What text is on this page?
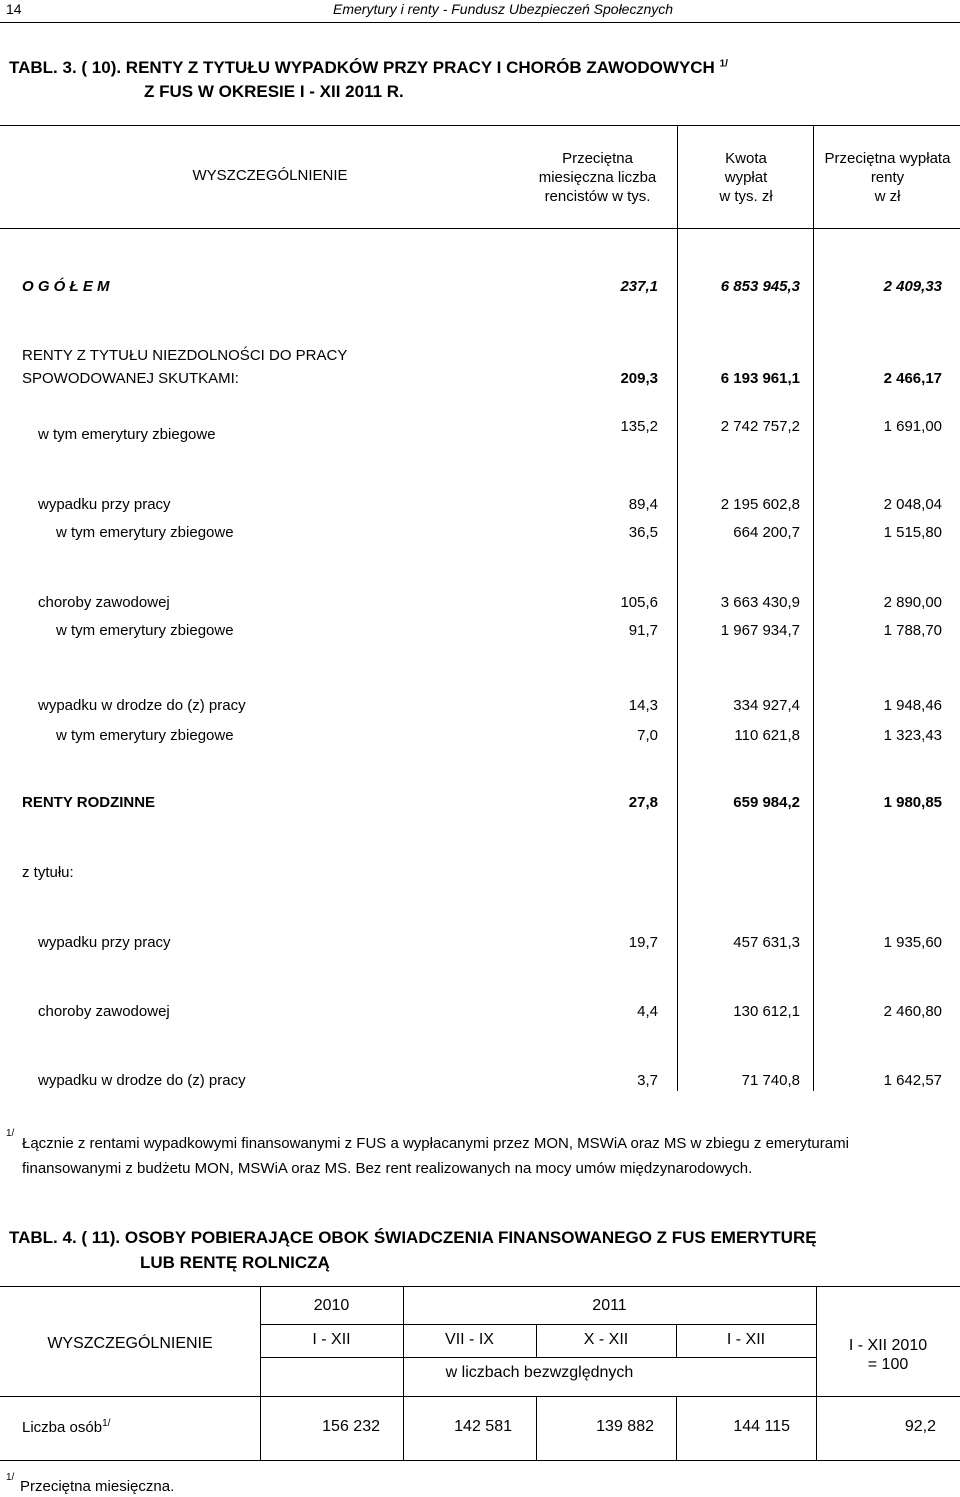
14	Emerytury i renty - Fundusz Ubezpieczeń Społecznych
TABL. 3. ( 10). RENTY Z TYTUŁU WYPADKÓW PRZY PRACY I CHORÓB ZAWODOWYCH $^{1/}$
Z FUS W OKRESIE I - XII 2011 R.
WYSZCZEGÓLNIENIE
Przeciętna
miesięczna liczba
rencistów w tys.
Kwota
wypłat
w tys. zł
Przeciętna wypłata
renty
w zł
O G Ó Ł E M	237,1	6 853 945,3	2 409,33
RENTY Z TYTUŁU NIEZDOLNOŚCI DO PRACY
SPOWODOWANEJ SKUTKAMI:	209,3	6 193 961,1	2 466,17
w tym emerytury zbiegowe	135,2	2 742 757,2	1 691,00
wypadku przy pracy	89,4	2 195 602,8	2 048,04
w tym emerytury zbiegowe	36,5	664 200,7	1 515,80
choroby zawodowej	105,6	3 663 430,9	2 890,00
w tym emerytury zbiegowe	91,7	1 967 934,7	1 788,70
wypadku w drodze do (z) pracy	14,3	334 927,4	1 948,46
w tym emerytury zbiegowe	7,0	110 621,8	1 323,43
RENTY RODZINNE	27,8	659 984,2	1 980,85
z tytułu:
wypadku przy pracy	19,7	457 631,3	1 935,60
choroby zawodowej	4,4	130 612,1	2 460,80
wypadku w drodze do (z) pracy	3,7	71 740,8	1 642,57
1/
Łącznie z rentami wypadkowymi finansowanymi z FUS a wypłacanymi przez MON, MSWiA oraz MS w zbiegu z emeryturami
finansowanymi z budżetu MON, MSWiA oraz MS. Bez rent realizowanych na mocy umów międzynarodowych.
TABL. 4. ( 11). OSOBY POBIERAJĄCE OBOK ŚWIADCZENIA FINANSOWANEGO Z FUS EMERYTURĘ
LUB RENTĘ ROLNICZĄ
WYSZCZEGÓLNIENIE
2010	2011
I - XII	VII - IX	X - XII	I - XII
w liczbach bezwzględnych
I - XII 2010
= 100
Liczba osób$^{1/}$	156 232	142 581	139 882	144 115	92,2
1/
Przeciętna miesięczna.
